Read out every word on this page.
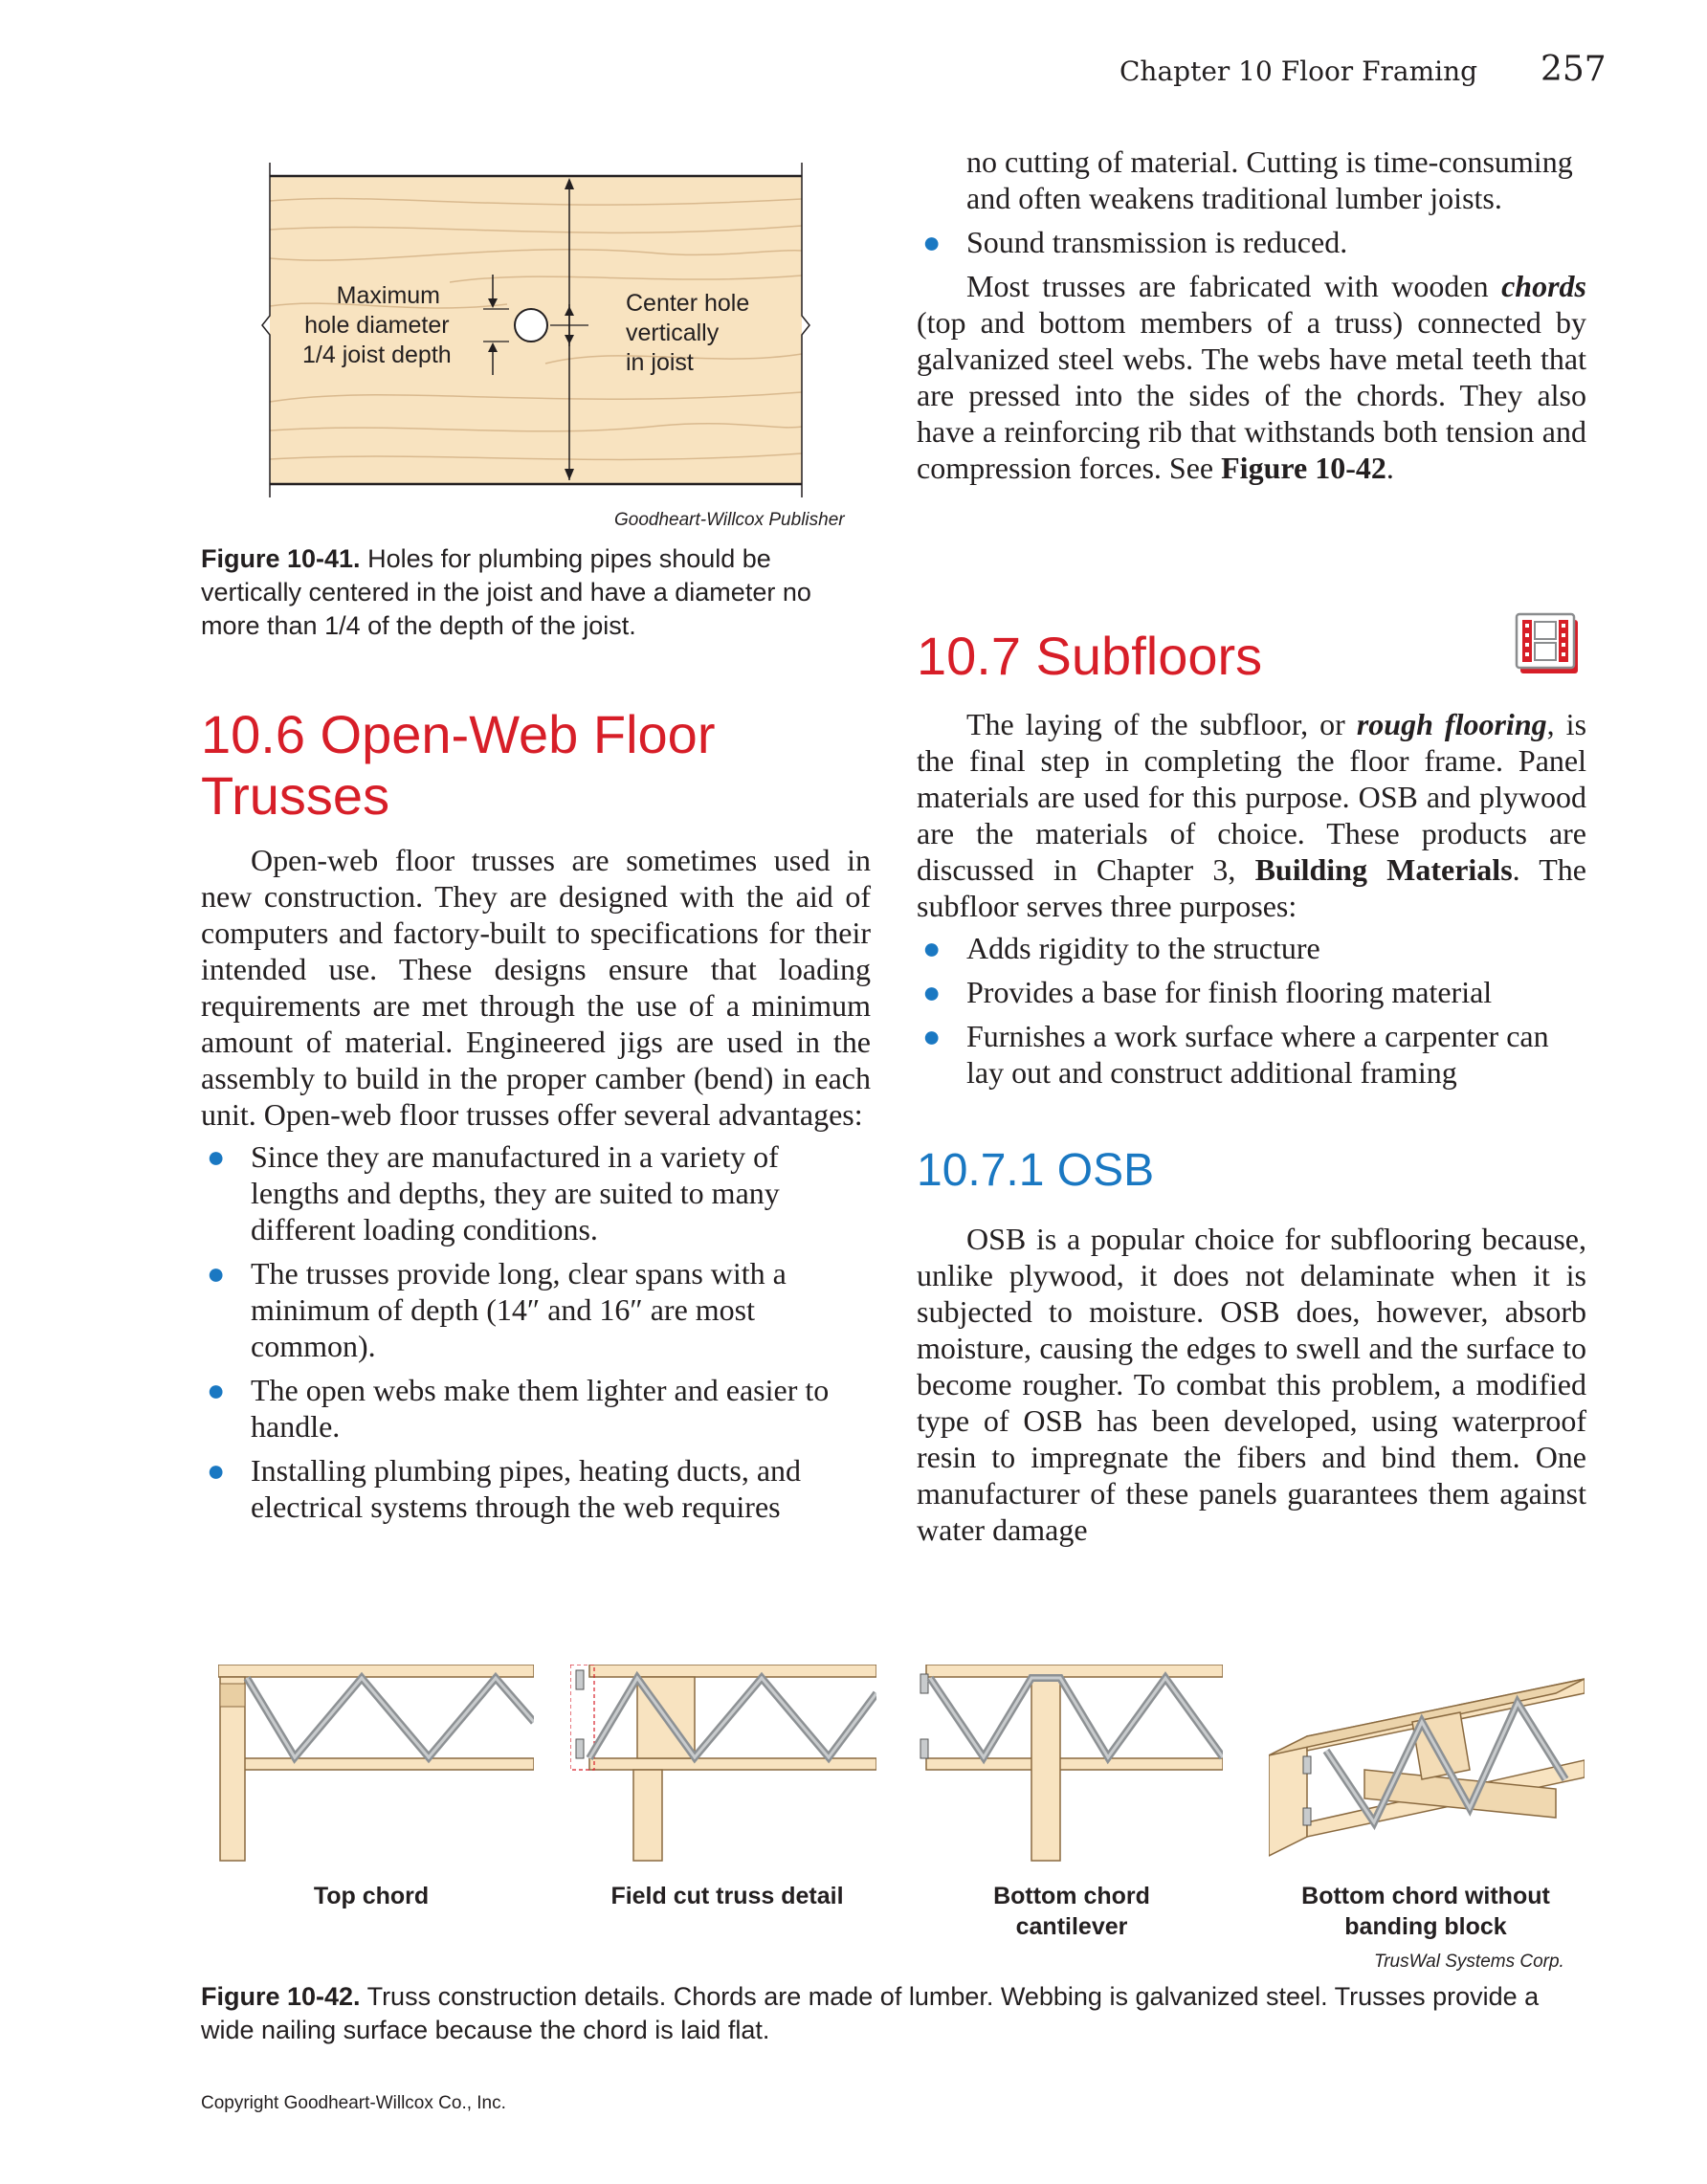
Chapter 10 Floor Framing 257
Maximum
hole diameter
1/4 joist depth
Center hole
vertically
in joist
Goodheart-Willcox Publisher
Figure 10-41. Holes for plumbing pipes should be vertically centered in the joist and have a diameter no more than 1/4 of the depth of the joist.
10.6 Open-Web Floor Trusses

Open-web floor trusses are sometimes used in new construction. They are designed with the aid of computers and factory-built to specifications for their intended use. These designs ensure that loading requirements are met through the use of a minimum amount of material. Engineered jigs are used in the assembly to build in the proper camber (bend) in each unit. Open-web floor trusses offer several advantages:

● Since they are manufactured in a variety of lengths and depths, they are suited to many different loading conditions.
● The trusses provide long, clear spans with a minimum of depth (14″ and 16″ are most common).
● The open webs make them lighter and easier to handle.
● Installing plumbing pipes, heating ducts, and electrical systems through the web requires

no cutting of material. Cutting is time-consuming and often weakens traditional lumber joists.

● Sound transmission is reduced.

Most trusses are fabricated with wooden chords (top and bottom members of a truss) connected by galvanized steel webs. The webs have metal teeth that are pressed into the sides of the chords. They also have a reinforcing rib that withstands both tension and compression forces. See Figure 10-42.

10.7 Subfloors

The laying of the subfloor, or rough flooring, is the final step in completing the floor frame. Panel materials are used for this purpose. OSB and plywood are the materials of choice. These products are discussed in Chapter 3, Building Materials. The subfloor serves three purposes:

● Adds rigidity to the structure
● Provides a base for finish flooring material
● Furnishes a work surface where a carpenter can lay out and construct additional framing
10.7.1 OSB

OSB is a popular choice for subflooring because, unlike plywood, it does not delaminate when it is subjected to moisture. OSB does, however, absorb moisture, causing the edges to swell and the surface to become rougher. To combat this problem, a modified type of OSB has been developed, using waterproof resin to impregnate the fibers and bind them. One manufacturer of these panels guarantees them against water damage

Top chord	Field cut truss detail	Bottom chord
cantilever
Bottom chord without
banding block
TrusWal Systems Corp.
Figure 10-42. Truss construction details. Chords are made of lumber. Webbing is galvanized steel. Trusses provide a wide nailing surface because the chord is laid flat.
Copyright Goodheart-Willcox Co., Inc.
